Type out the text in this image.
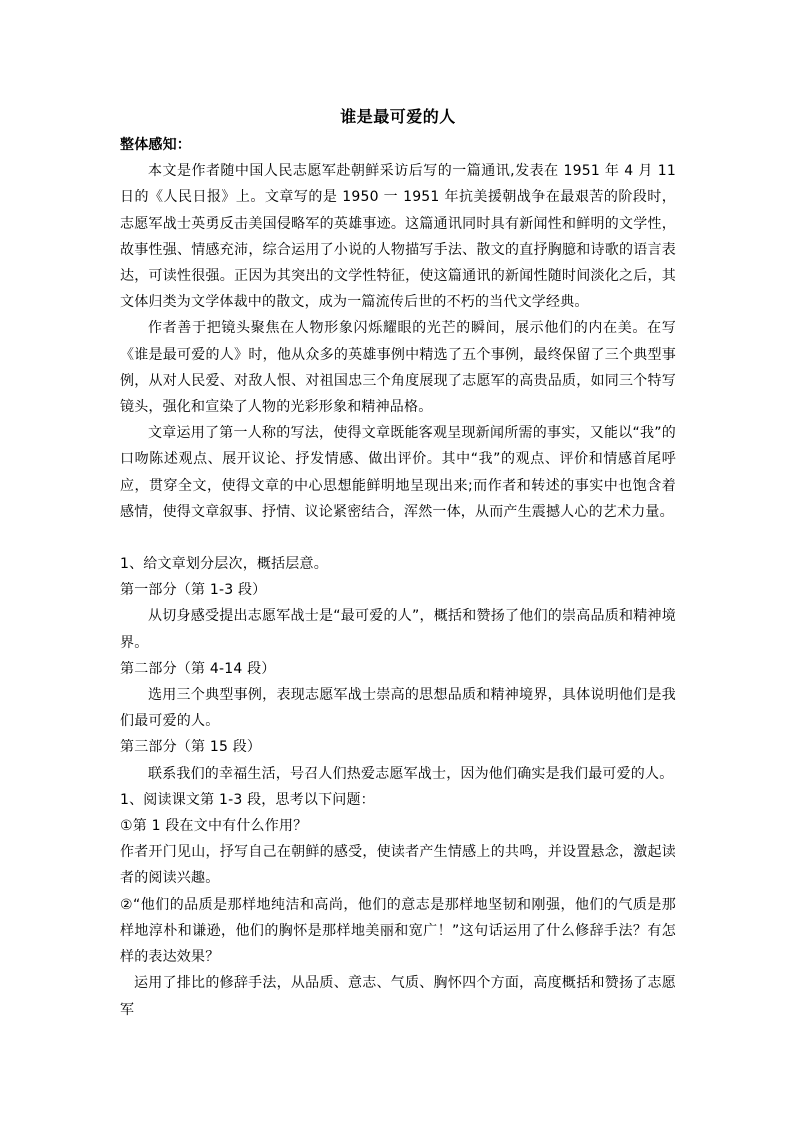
谁是最可爱的人

整体感知：

本文是作者随中国人民志愿军赴朝鲜采访后写的一篇通讯,发表在 1951 年 4 月 11 日的《人民日报》上。文章写的是 1950 一 1951 年抗美援朝战争在最艰苦的阶段时，志愿军战士英勇反击美国侵略军的英雄事迹。这篇通讯同时具有新闻性和鲜明的文学性，故事性强、情感充沛，综合运用了小说的人物描写手法、散文的直抒胸臆和诗歌的语言表达，可读性很强。正因为其突出的文学性特征，使这篇通讯的新闻性随时间淡化之后，其文体归类为文学体裁中的散文，成为一篇流传后世的不朽的当代文学经典。

作者善于把镜头聚焦在人物形象闪烁耀眼的光芒的瞬间，展示他们的内在美。在写《谁是最可爱的人》时，他从众多的英雄事例中精选了五个事例，最终保留了三个典型事例，从对人民爱、对敌人恨、对祖国忠三个角度展现了志愿军的高贵品质，如同三个特写镜头，强化和宣染了人物的光彩形象和精神品格。

文章运用了第一人称的写法，使得文章既能客观呈现新闻所需的事实，又能以“我”的口吻陈述观点、展开议论、抒发情感、做出评价。其中“我”的观点、评价和情感首尾呼应，贯穿全文，使得文章的中心思想能鲜明地呈现出来;而作者和转述的事实中也饱含着感情，使得文章叙事、抒情、议论紧密结合，浑然一体，从而产生震撼人心的艺术力量。

1、给文章划分层次，概括层意。

第一部分（第 1-3 段）

从切身感受提出志愿军战士是“最可爱的人”，概括和赞扬了他们的崇高品质和精神境界。

第二部分（第 4-14 段）

选用三个典型事例，表现志愿军战士崇高的思想品质和精神境界，具体说明他们是我们最可爱的人。

第三部分（第 15 段）

联系我们的幸福生活，号召人们热爱志愿军战士，因为他们确实是我们最可爱的人。

1、阅读课文第 1-3 段，思考以下问题：

①第 1 段在文中有什么作用？

作者开门见山，抒写自己在朝鲜的感受，使读者产生情感上的共鸣，并设置悬念，激起读者的阅读兴趣。

②“他们的品质是那样地纯洁和高尚，他们的意志是那样地坚韧和刚强，他们的气质是那样地淳朴和谦逊，他们的胸怀是那样地美丽和宽广！”这句话运用了什么修辞手法？有怎样的表达效果？

运用了排比的修辞手法，从品质、意志、气质、胸怀四个方面，高度概括和赞扬了志愿军
